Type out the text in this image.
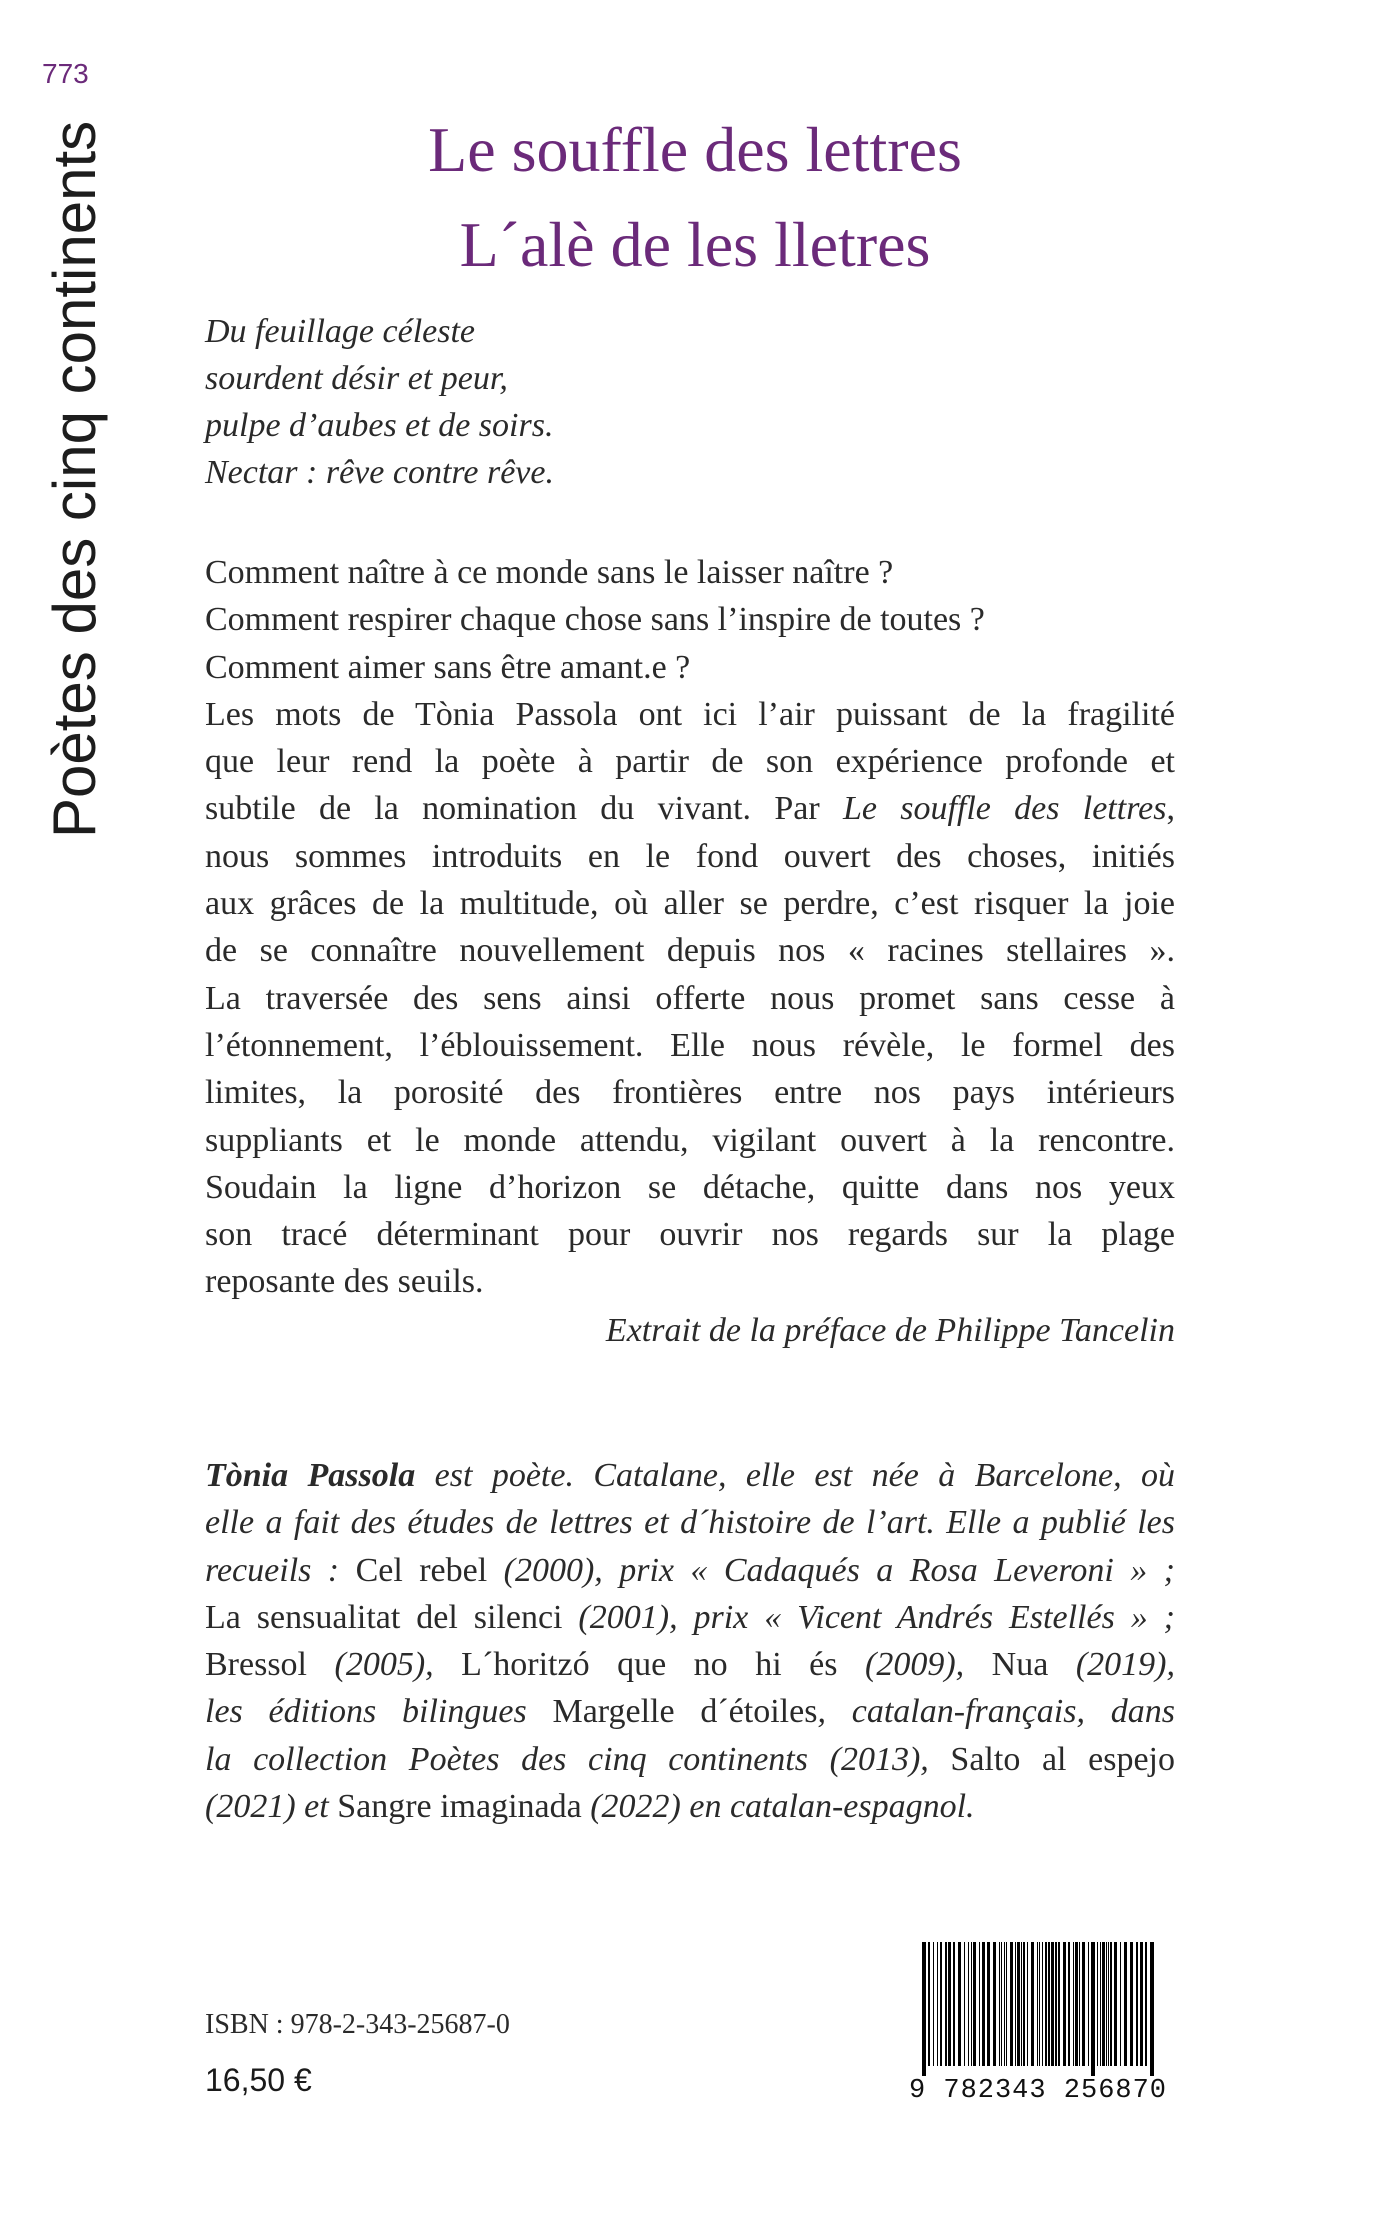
773
Poètes des cinq continents	Le souffle des lettres
L´alè de les lletres
Du feuillage céleste
sourdent désir et peur,
pulpe d’aubes et de soirs.
Nectar : rêve contre rêve.
Comment naître à ce monde sans le laisser naître ?
Comment respirer chaque chose sans l’inspire de toutes ?
Comment aimer sans être amant.e ?
Les mots de Tònia Passola ont ici l’air puissant de la fragilité
que leur rend la poète à partir de son expérience profonde et
subtile de la nomination du vivant. Par Le souffle des lettres,
nous sommes introduits en le fond ouvert des choses, initiés
aux grâces de la multitude, où aller se perdre, c’est risquer la joie
de se connaître nouvellement depuis nos « racines stellaires ».
La traversée des sens ainsi offerte nous promet sans cesse à
l’étonnement, l’éblouissement. Elle nous révèle, le formel des
limites, la porosité des frontières entre nos pays intérieurs
suppliants et le monde attendu, vigilant ouvert à la rencontre.
Soudain la ligne d’horizon se détache, quitte dans nos yeux
son tracé déterminant pour ouvrir nos regards sur la plage
reposante des seuils.
Extrait de la préface de Philippe Tancelin
Tònia Passola est poète. Catalane, elle est née à Barcelone, où
elle a fait des études de lettres et d´histoire de l’art. Elle a publié les
recueils : Cel rebel (2000), prix « Cadaqués a Rosa Leveroni » ;
La sensualitat del silenci (2001), prix « Vicent Andrés Estellés » ;
Bressol (2005), L´horitzó que no hi és (2009), Nua (2019),
les éditions bilingues Margelle d´étoiles, catalan-français, dans
la collection Poètes des cinq continents (2013), Salto al espejo
(2021) et Sangre imaginada (2022) en catalan-espagnol.
ISBN : 978-2-343-25687-0
16,50 €	9 782343 256870
